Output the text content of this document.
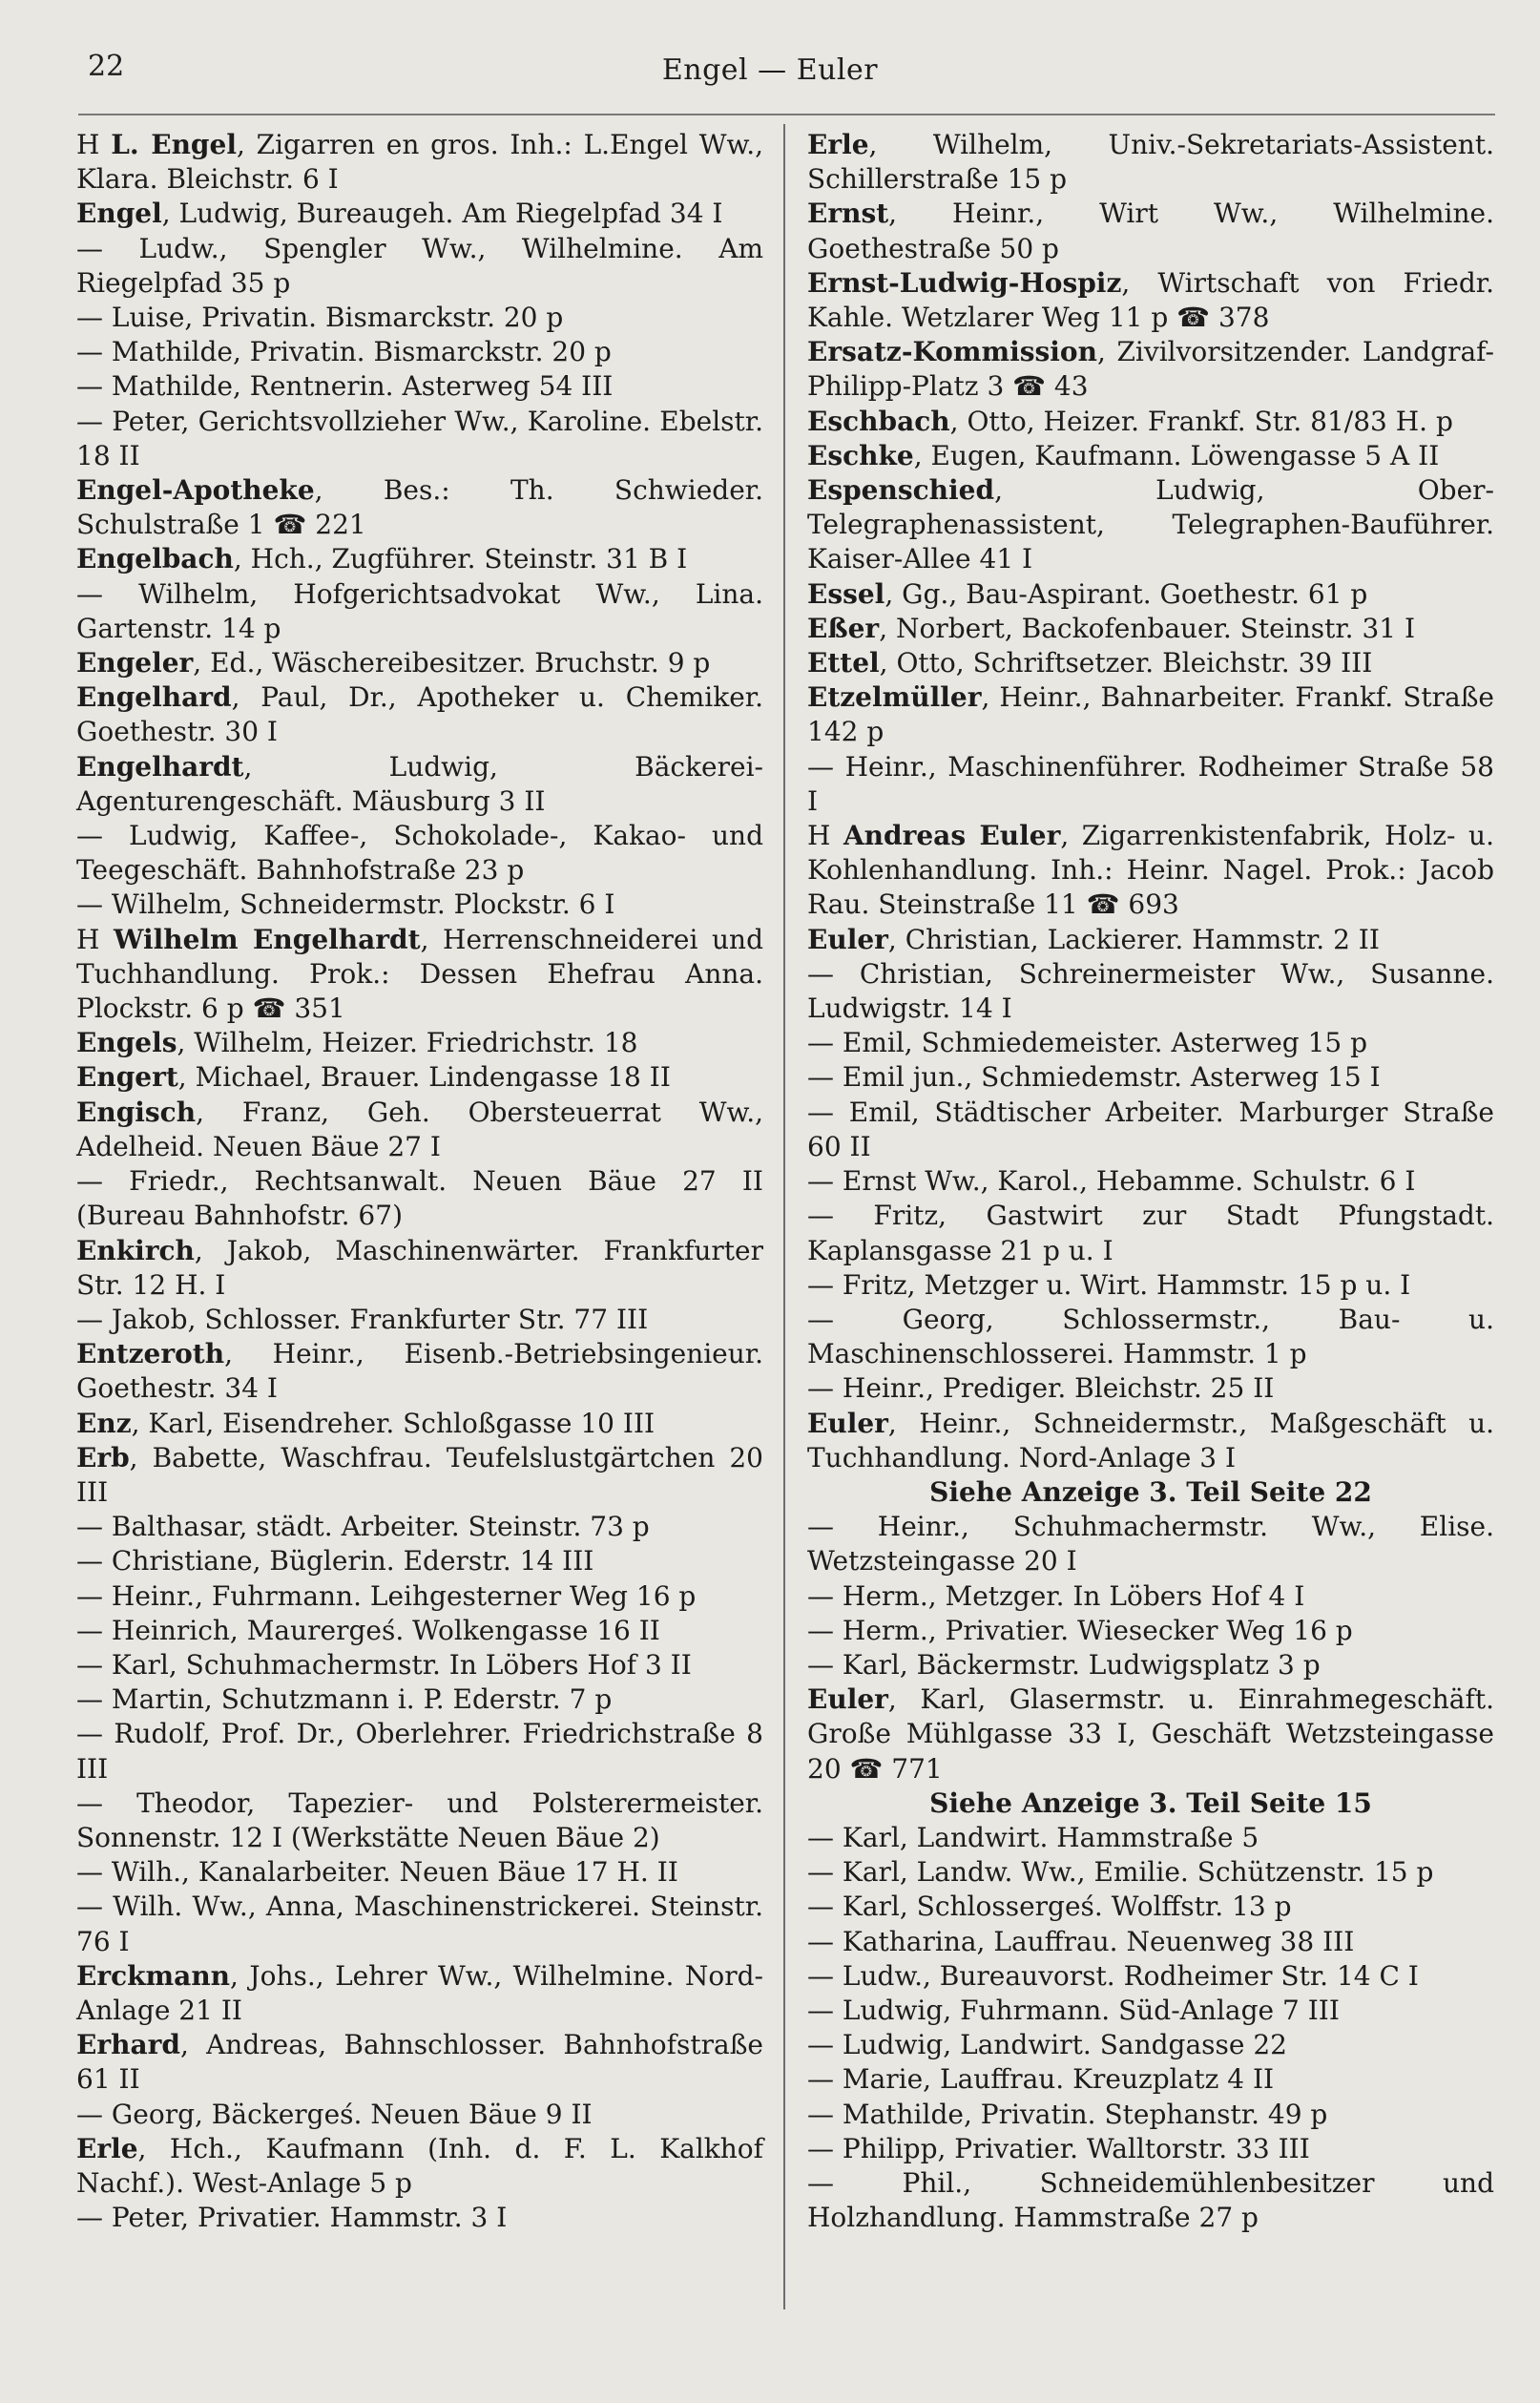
22	Engel — Euler

H L. Engel, Zigarren en gros. Inh.: L.Engel Ww., Klara. Bleichstr. 6 I

Engel, Ludwig, Bureaugeh. Am Riegelpfad 34 I

— Ludw., Spengler Ww., Wilhelmine. Am Riegelpfad 35 p

— Luise, Privatin. Bismarckstr. 20 p

— Mathilde, Privatin. Bismarckstr. 20 p

— Mathilde, Rentnerin. Asterweg 54 III

— Peter, Gerichtsvollzieher Ww., Karoline. Ebelstr. 18 II

Engel-Apotheke, Bes.: Th. Schwieder. Schulstraße 1 ☎ 221

Engelbach, Hch., Zugführer. Steinstr. 31 B I

— Wilhelm, Hofgerichtsadvokat Ww., Lina. Gartenstr. 14 p

Engeler, Ed., Wäschereibesitzer. Bruchstr. 9 p

Engelhard, Paul, Dr., Apotheker u. Chemiker. Goethestr. 30 I

Engelhardt, Ludwig, Bäckerei-Agenturengeschäft. Mäusburg 3 II

— Ludwig, Kaffee-, Schokolade-, Kakao- und Teegeschäft. Bahnhofstraße 23 p

— Wilhelm, Schneidermstr. Plockstr. 6 I

H Wilhelm Engelhardt, Herrenschneiderei und Tuchhandlung. Prok.: Dessen Ehefrau Anna. Plockstr. 6 p ☎ 351

Engels, Wilhelm, Heizer. Friedrichstr. 18

Engert, Michael, Brauer. Lindengasse 18 II

Engisch, Franz, Geh. Obersteuerrat Ww., Adelheid. Neuen Bäue 27 I

— Friedr., Rechtsanwalt. Neuen Bäue 27 II (Bureau Bahnhofstr. 67)

Enkirch, Jakob, Maschinenwärter. Frankfurter Str. 12 H. I

— Jakob, Schlosser. Frankfurter Str. 77 III

Entzeroth, Heinr., Eisenb.-Betriebsingenieur. Goethestr. 34 I

Enz, Karl, Eisendreher. Schloßgasse 10 III

Erb, Babette, Waschfrau. Teufelslustgärtchen 20 III

— Balthasar, städt. Arbeiter. Steinstr. 73 p

— Christiane, Büglerin. Ederstr. 14 III

— Heinr., Fuhrmann. Leihgesterner Weg 16 p

— Heinrich, Maurergeś. Wolkengasse 16 II

— Karl, Schuhmachermstr. In Löbers Hof 3 II

— Martin, Schutzmann i. P. Ederstr. 7 p

— Rudolf, Prof. Dr., Oberlehrer. Friedrichstraße 8 III

— Theodor, Tapezier- und Polsterermeister. Sonnenstr. 12 I (Werkstätte Neuen Bäue 2)

— Wilh., Kanalarbeiter. Neuen Bäue 17 H. II

— Wilh. Ww., Anna, Maschinenstrickerei. Steinstr. 76 I

Erckmann, Johs., Lehrer Ww., Wilhelmine. Nord-Anlage 21 II

Erhard, Andreas, Bahnschlosser. Bahnhofstraße 61 II

— Georg, Bäckergeś. Neuen Bäue 9 II

Erle, Hch., Kaufmann (Inh. d. F. L. Kalkhof Nachf.). West-Anlage 5 p

— Peter, Privatier. Hammstr. 3 I

Erle, Wilhelm, Univ.-Sekretariats-Assistent. Schillerstraße 15 p

Ernst, Heinr., Wirt Ww., Wilhelmine. Goethestraße 50 p

Ernst-Ludwig-Hospiz, Wirtschaft von Friedr. Kahle. Wetzlarer Weg 11 p ☎ 378

Ersatz-Kommission, Zivilvorsitzender. Landgraf-Philipp-Platz 3 ☎ 43

Eschbach, Otto, Heizer. Frankf. Str. 81/83 H. p

Eschke, Eugen, Kaufmann. Löwengasse 5 A II

Espenschied, Ludwig, Ober-Telegraphenassistent, Telegraphen-Bauführer. Kaiser-Allee 41 I

Essel, Gg., Bau-Aspirant. Goethestr. 61 p

Eßer, Norbert, Backofenbauer. Steinstr. 31 I

Ettel, Otto, Schriftsetzer. Bleichstr. 39 III

Etzelmüller, Heinr., Bahnarbeiter. Frankf. Straße 142 p

— Heinr., Maschinenführer. Rodheimer Straße 58 I

H Andreas Euler, Zigarrenkistenfabrik, Holz- u. Kohlenhandlung. Inh.: Heinr. Nagel. Prok.: Jacob Rau. Steinstraße 11 ☎ 693

Euler, Christian, Lackierer. Hammstr. 2 II

— Christian, Schreinermeister Ww., Susanne. Ludwigstr. 14 I

— Emil, Schmiedemeister. Asterweg 15 p

— Emil jun., Schmiedemstr. Asterweg 15 I

— Emil, Städtischer Arbeiter. Marburger Straße 60 II

— Ernst Ww., Karol., Hebamme. Schulstr. 6 I

— Fritz, Gastwirt zur Stadt Pfungstadt. Kaplansgasse 21 p u. I

— Fritz, Metzger u. Wirt. Hammstr. 15 p u. I

— Georg, Schlossermstr., Bau- u. Maschinenschlosserei. Hammstr. 1 p

— Heinr., Prediger. Bleichstr. 25 II

Euler, Heinr., Schneidermstr., Maßgeschäft u. Tuchhandlung. Nord-Anlage 3 I

Siehe Anzeige 3. Teil Seite 22

— Heinr., Schuhmachermstr. Ww., Elise. Wetzsteingasse 20 I

— Herm., Metzger. In Löbers Hof 4 I

— Herm., Privatier. Wiesecker Weg 16 p

— Karl, Bäckermstr. Ludwigsplatz 3 p

Euler, Karl, Glasermstr. u. Einrahmegeschäft. Große Mühlgasse 33 I, Geschäft Wetzsteingasse 20 ☎ 771

Siehe Anzeige 3. Teil Seite 15

— Karl, Landwirt. Hammstraße 5

— Karl, Landw. Ww., Emilie. Schützenstr. 15 p

— Karl, Schlossergeś. Wolffstr. 13 p

— Katharina, Lauffrau. Neuenweg 38 III

— Ludw., Bureauvorst. Rodheimer Str. 14 C I

— Ludwig, Fuhrmann. Süd-Anlage 7 III

— Ludwig, Landwirt. Sandgasse 22

— Marie, Lauffrau. Kreuzplatz 4 II

— Mathilde, Privatin. Stephanstr. 49 p

— Philipp, Privatier. Walltorstr. 33 III

— Phil., Schneidemühlenbesitzer und Holzhandlung. Hammstraße 27 p
